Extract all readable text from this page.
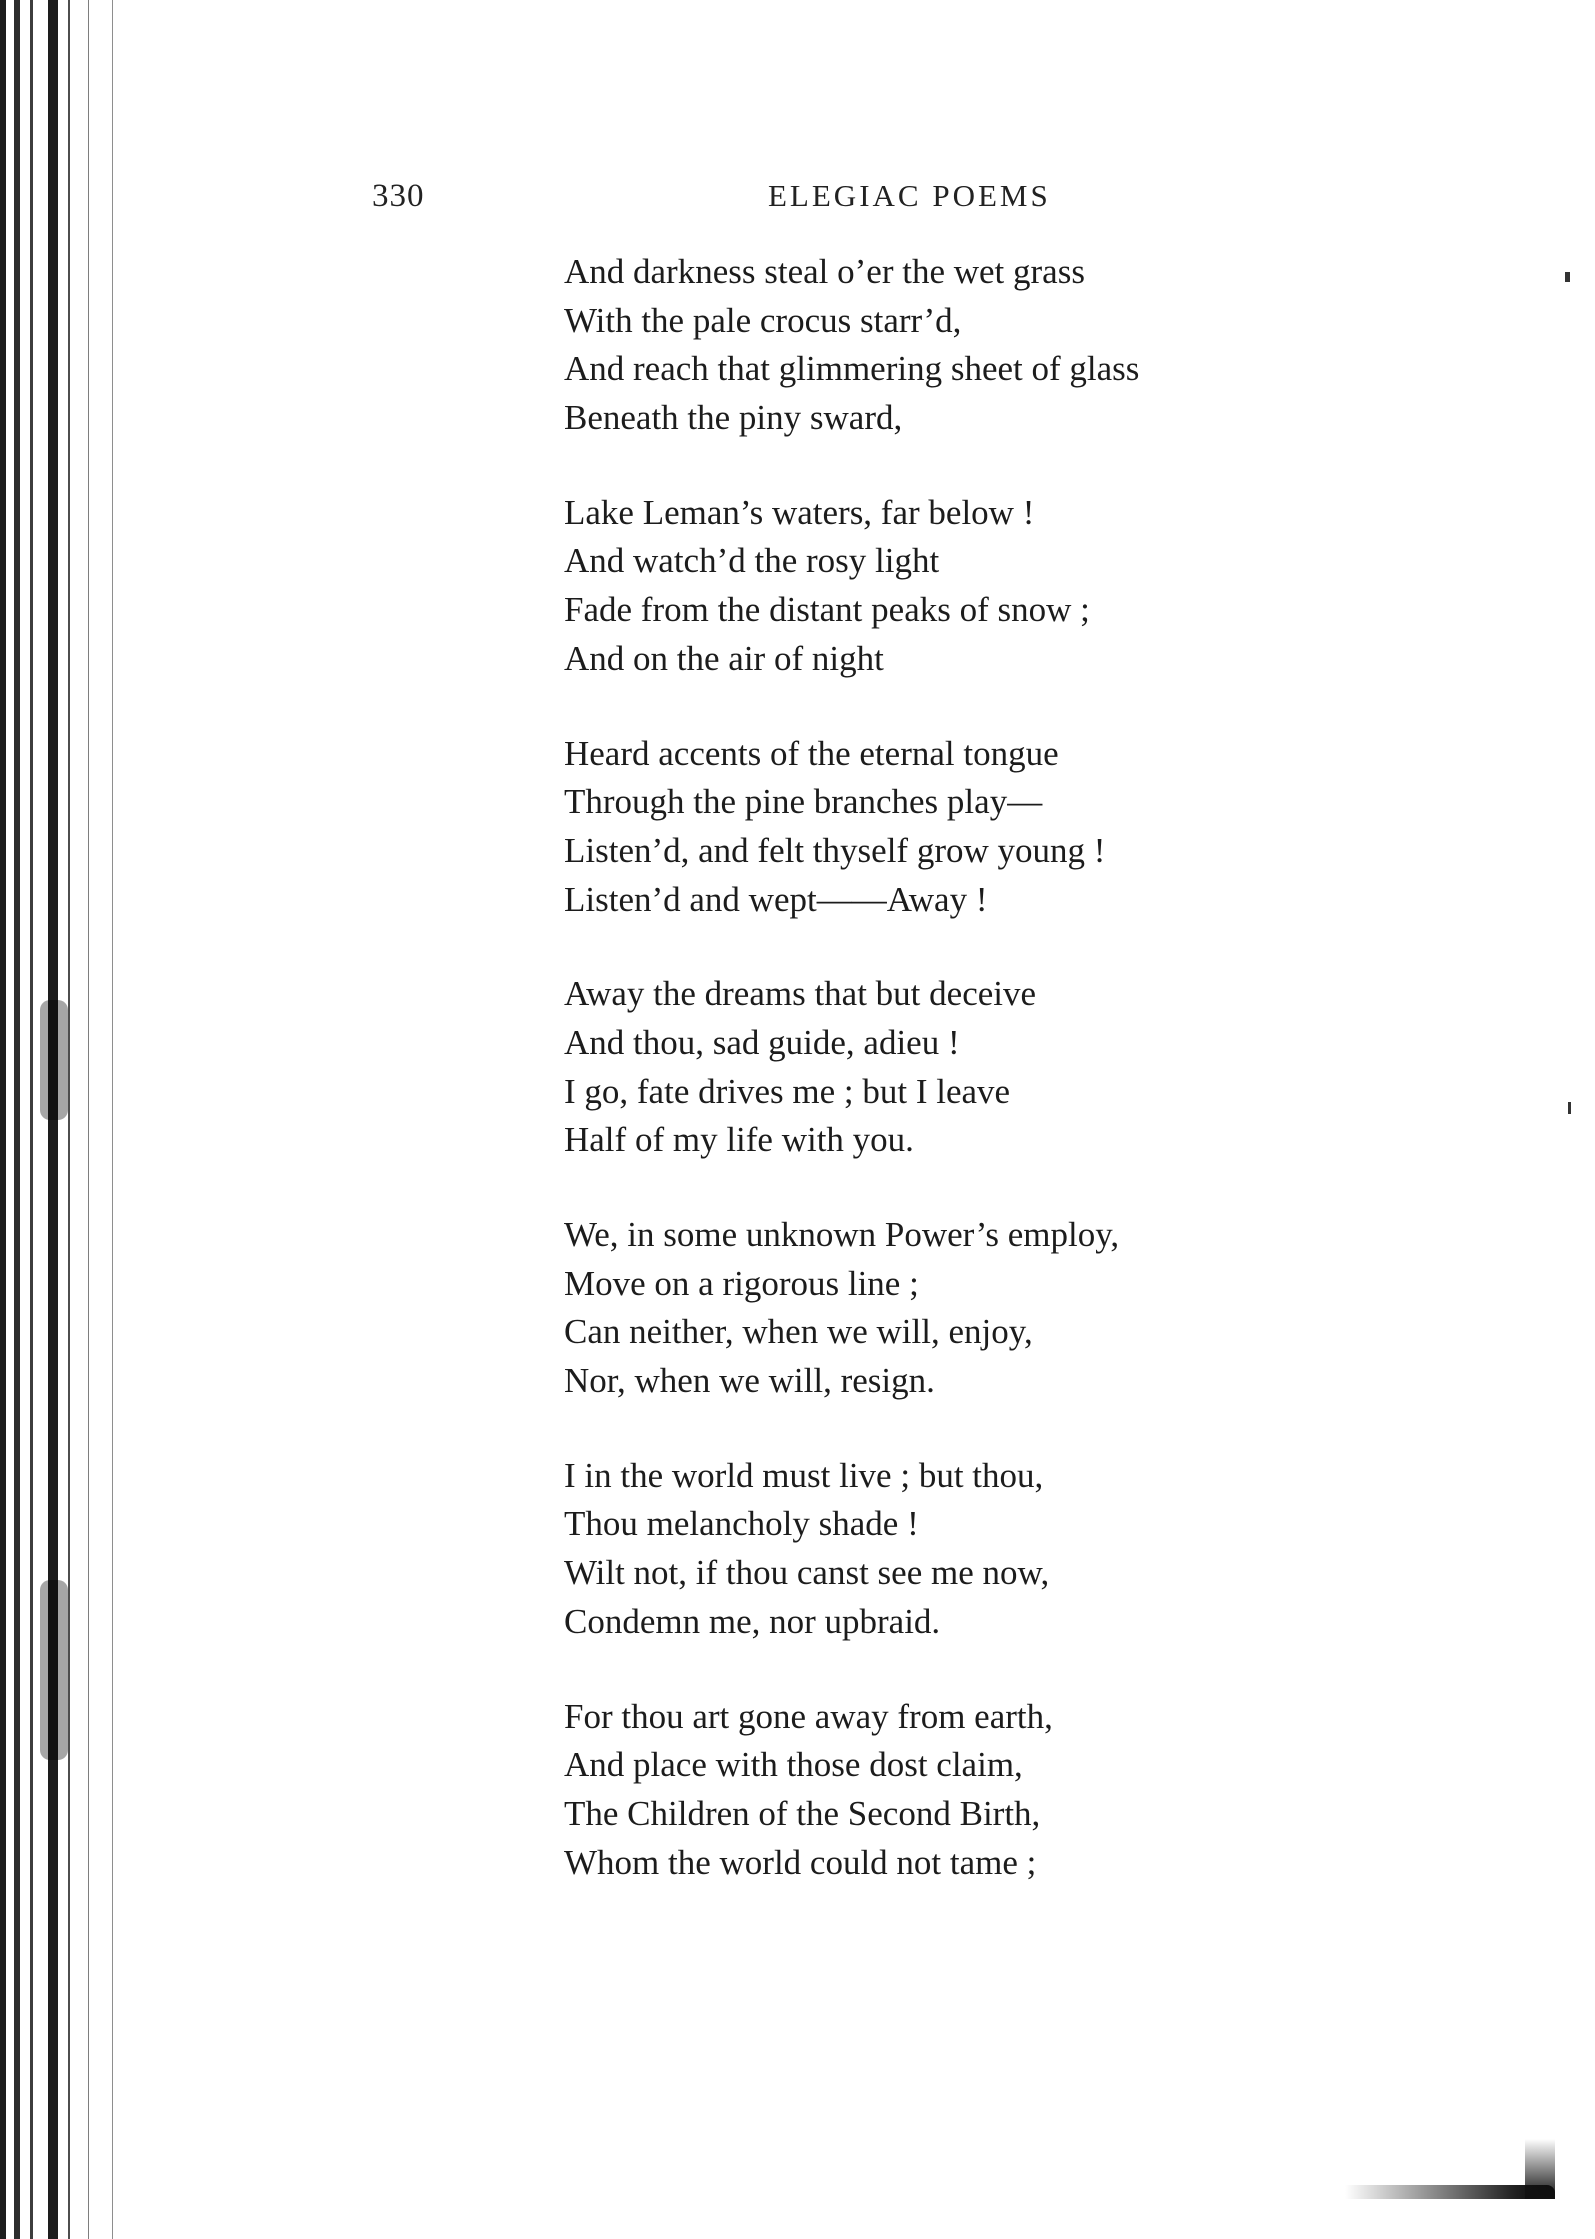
330	ELEGIAC POEMS
And darkness steal o’er the wet grass
With the pale crocus starr’d,
And reach that glimmering sheet of glass
Beneath the piny sward,
Lake Leman’s waters, far below !
And watch’d the rosy light
Fade from the distant peaks of snow ;
And on the air of night
Heard accents of the eternal tongue
Through the pine branches play—
Listen’d, and felt thyself grow young !
Listen’d and wept——Away !
Away the dreams that but deceive
And thou, sad guide, adieu !
I go, fate drives me ; but I leave
Half of my life with you.
We, in some unknown Power’s employ,
Move on a rigorous line ;
Can neither, when we will, enjoy,
Nor, when we will, resign.
I in the world must live ; but thou,
Thou melancholy shade !
Wilt not, if thou canst see me now,
Condemn me, nor upbraid.
For thou art gone away from earth,
And place with those dost claim,
The Children of the Second Birth,
Whom the world could not tame ;
